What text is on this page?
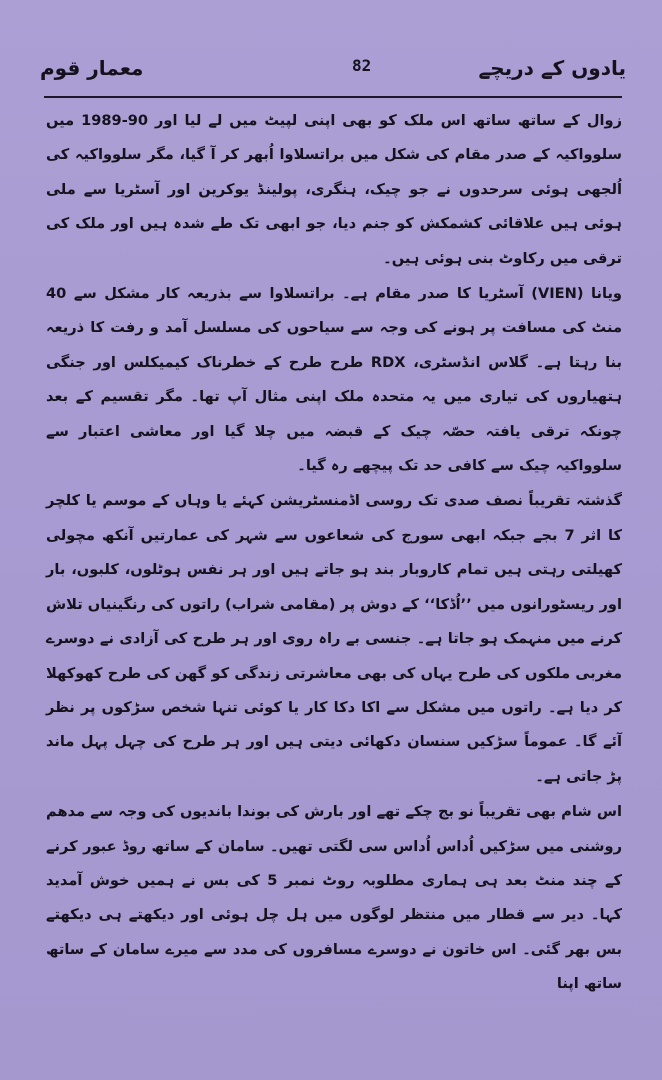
معمار قوم	82	یادوں کے دریچے

زوال کے ساتھ ساتھ اس ملک کو بھی اپنی لپیٹ میں لے لیا اور 90-1989 میں سلوواکیہ کے صدر مقام کی شکل میں براتسلاوا اُبھر کر آ گیا، مگر سلوواکیہ کی اُلجھی ہوئی سرحدوں نے جو چیک، ہنگری، پولینڈ یوکرین اور آسٹریا سے ملی ہوئی ہیں علاقائی کشمکش کو جنم دیا، جو ابھی تک طے شدہ ہیں اور ملک کی ترقی میں رکاوٹ بنی ہوئی ہیں۔

ویانا (VIEN) آسٹریا کا صدر مقام ہے۔ براتسلاوا سے بذریعہ کار مشکل سے 40 منٹ کی مسافت پر ہونے کی وجہ سے سیاحوں کی مسلسل آمد و رفت کا ذریعہ بنا رہتا ہے۔ گلاس انڈسٹری، RDX طرح طرح کے خطرناک کیمیکلس اور جنگی ہتھیاروں کی تیاری میں یہ متحدہ ملک اپنی مثال آپ تھا۔ مگر تقسیم کے بعد چونکہ ترقی یافتہ حصّہ چیک کے قبضہ میں چلا گیا اور معاشی اعتبار سے سلوواکیہ چیک سے کافی حد تک پیچھے رہ گیا۔

گذشتہ تقریباً نصف صدی تک روسی اڈمنسٹریشن کہئے یا وہاں کے موسم یا کلچر کا اثر 7 بجے جبکہ ابھی سورج کی شعاعوں سے شہر کی عمارتیں آنکھ مچولی کھیلتی رہتی ہیں تمام کاروبار بند ہو جاتے ہیں اور ہر نفس ہوٹلوں، کلبوں، بار اور ریسٹورانوں میں ’’اُڈکا‘‘ کے دوش پر (مقامی شراب) راتوں کی رنگینیاں تلاش کرنے میں منہمک ہو جاتا ہے۔ جنسی بے راہ روی اور ہر طرح کی آزادی نے دوسرے مغربی ملکوں کی طرح یہاں کی بھی معاشرتی زندگی کو گھن کی طرح کھوکھلا کر دیا ہے۔ راتوں میں مشکل سے اکا دکا کار یا کوئی تنہا شخص سڑکوں پر نظر آئے گا۔ عموماً سڑکیں سنسان دکھائی دیتی ہیں اور ہر طرح کی چہل پہل ماند پڑ جاتی ہے۔

اس شام بھی تقریباً نو بج چکے تھے اور بارش کی بوندا باندیوں کی وجہ سے مدھم روشنی میں سڑکیں اُداس اُداس سی لگتی تھیں۔ سامان کے ساتھ روڈ عبور کرنے کے چند منٹ بعد ہی ہماری مطلوبہ روٹ نمبر 5 کی بس نے ہمیں خوش آمدید کہا۔ دیر سے قطار میں منتظر لوگوں میں ہل چل ہوئی اور دیکھتے ہی دیکھتے بس بھر گئی۔ اس خاتون نے دوسرے مسافروں کی مدد سے میرے سامان کے ساتھ ساتھ اپنا
